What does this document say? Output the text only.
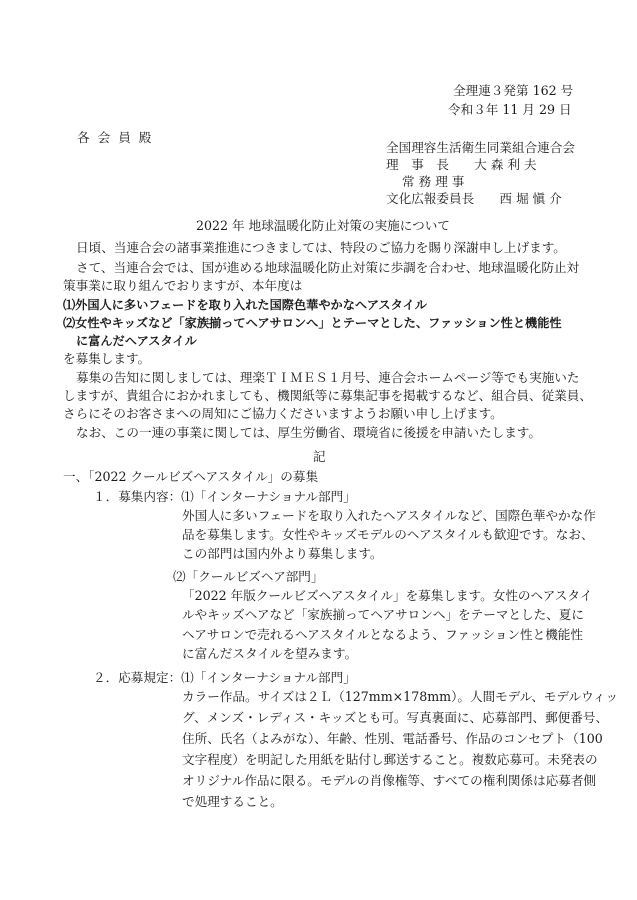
全理連３発第 162 号
令和３年 11 月 29 日
各 会 員 殿
全国理容生活衛生同業組合連合会
理　事　長　　大 森 利 夫
常 務 理 事
文化広報委員長　　西 堀 愼 介
2022 年 地球温暖化防止対策の実施について
日頃、当連合会の諸事業推進につきましては、特段のご協力を賜り深謝申し上げます。
さて、当連合会では、国が進める地球温暖化防止対策に歩調を合わせ、地球温暖化防止対
策事業に取り組んでおりますが、本年度は
⑴外国人に多いフェードを取り入れた国際色華やかなヘアスタイル
⑵女性やキッズなど「家族揃ってヘアサロンへ」とテーマとした、ファッション性と機能性
に富んだヘアスタイル
を募集します。
募集の告知に関しましては、理楽ＴＩＭＥＳ１月号、連合会ホームページ等でも実施いた
しますが、貴組合におかれましても、機関紙等に募集記事を掲載するなど、組合員、従業員、
さらにそのお客さまへの周知にご協力くださいますようお願い申し上げます。
なお、この一連の事業に関しては、厚生労働省、環境省に後援を申請いたします。
記
一、「2022 クールビズヘアスタイル」の募集
１．募集内容：⑴「インターナショナル部門」
外国人に多いフェードを取り入れたヘアスタイルなど、国際色華やかな作
品を募集します。女性やキッズモデルのヘアスタイルも歓迎です。なお、
この部門は国内外より募集します。
⑵「クールビズヘア部門」
「2022 年版クールビズヘアスタイル」を募集します。女性のヘアスタイ
ルやキッズヘアなど「家族揃ってヘアサロンへ」をテーマとした、夏に
ヘアサロンで売れるヘアスタイルとなるよう、ファッション性と機能性
に富んだスタイルを望みます。
２．応募規定：⑴「インターナショナル部門」
カラー作品。サイズは２Ｌ（127mm×178mm）。人間モデル、モデルウィッ
グ、メンズ・レディス・キッズとも可。写真裏面に、応募部門、郵便番号、
住所、氏名（よみがな）、年齢、性別、電話番号、作品のコンセプト（100
文字程度）を明記した用紙を貼付し郵送すること。複数応募可。未発表の
オリジナル作品に限る。モデルの肖像権等、すべての権利関係は応募者側
で処理すること。
